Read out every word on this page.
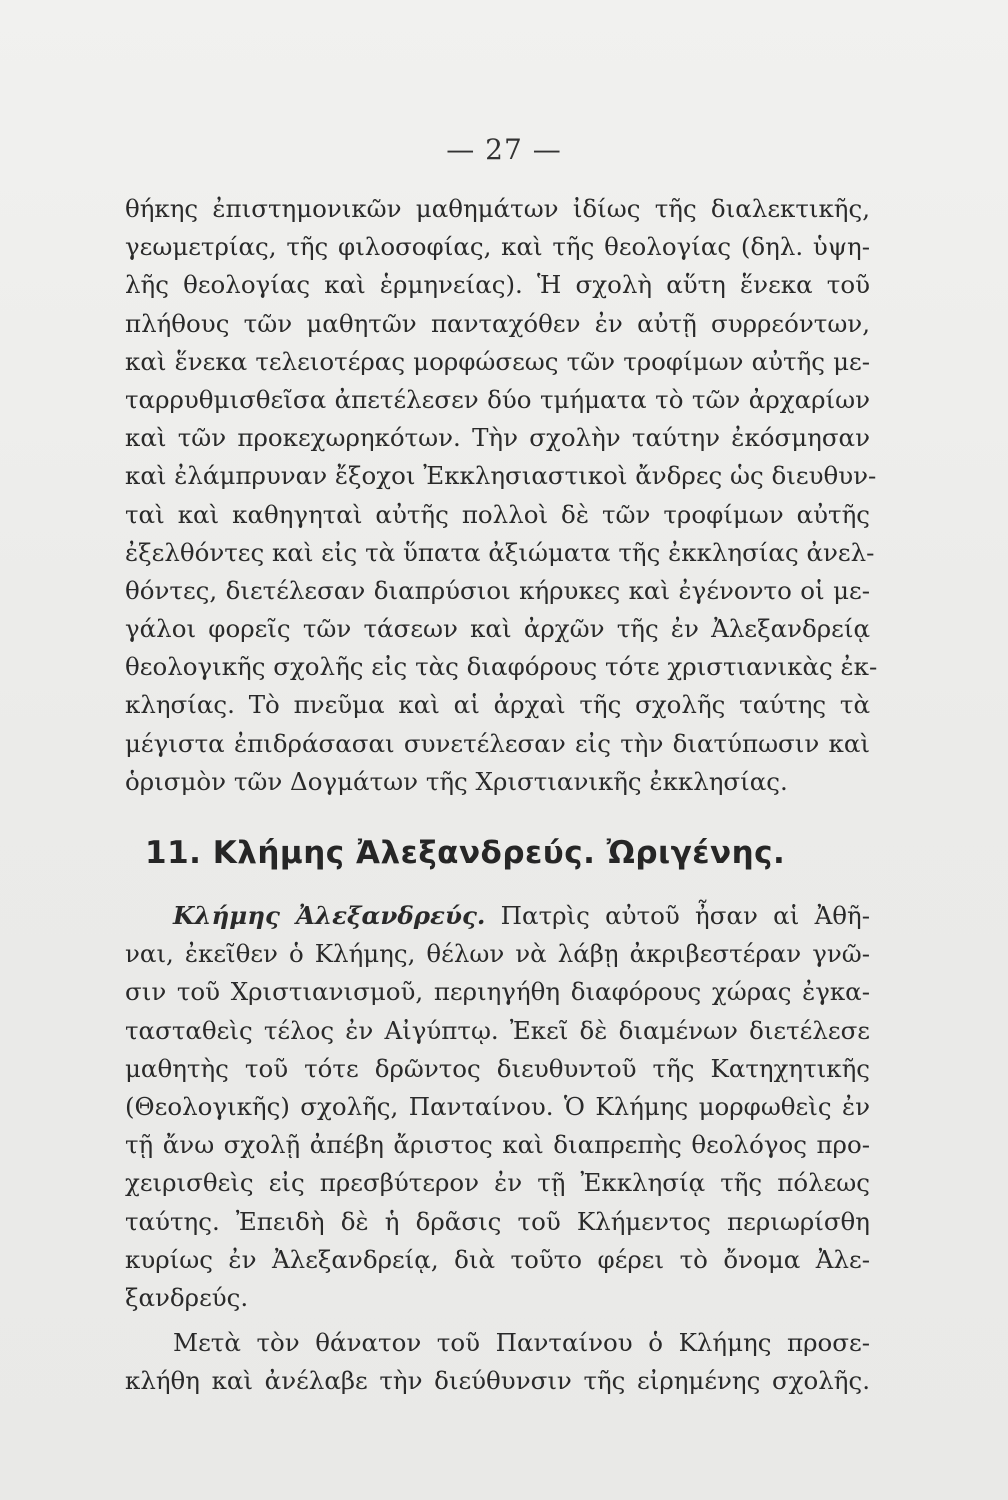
— 27 —
θήκης ἐπιστημονικῶν μαθημάτων ἰδίως τῆς διαλεκτικῆς,
γεωμετρίας, τῆς φιλοσοφίας, καὶ τῆς θεολογίας (δηλ. ὑψη-
λῆς θεολογίας καὶ ἑρμηνείας). Ἡ σχολὴ αὕτη ἕνεκα τοῦ
πλήθους τῶν μαθητῶν πανταχόθεν ἐν αὐτῇ συρρεόντων,
καὶ ἕνεκα τελειοτέρας μορφώσεως τῶν τροφίμων αὐτῆς με-
ταρρυθμισθεῖσα ἀπετέλεσεν δύο τμήματα τὸ τῶν ἀρχαρίων
καὶ τῶν προκεχωρηκότων. Τὴν σχολὴν ταύτην ἐκόσμησαν
καὶ ἐλάμπρυναν ἔξοχοι Ἐκκλησιαστικοὶ ἄνδρες ὡς διευθυν-
ταὶ καὶ καθηγηταὶ αὐτῆς πολλοὶ δὲ τῶν τροφίμων αὐτῆς
ἐξελθόντες καὶ εἰς τὰ ὕπατα ἀξιώματα τῆς ἐκκλησίας ἀνελ-
θόντες, διετέλεσαν διαπρύσιοι κήρυκες καὶ ἐγένοντο οἱ με-
γάλοι φορεῖς τῶν τάσεων καὶ ἀρχῶν τῆς ἐν Ἀλεξανδρείᾳ
θεολογικῆς σχολῆς εἰς τὰς διαφόρους τότε χριστιανικὰς ἐκ-
κλησίας. Τὸ πνεῦμα καὶ αἱ ἀρχαὶ τῆς σχολῆς ταύτης τὰ
μέγιστα ἐπιδράσασαι συνετέλεσαν εἰς τὴν διατύπωσιν καὶ
ὁρισμὸν τῶν Δογμάτων τῆς Χριστιανικῆς ἐκκλησίας.
11. Κλήμης Ἀλεξανδρεύς. Ὠριγένης.
Κλήμης Ἀλεξανδρεύς. Πατρὶς αὐτοῦ ἦσαν αἱ Ἀθῆ-
ναι, ἐκεῖθεν ὁ Κλήμης, θέλων νὰ λάβῃ ἀκριβεστέραν γνῶ-
σιν τοῦ Χριστιανισμοῦ, περιηγήθη διαφόρους χώρας ἐγκα-
τασταθεὶς τέλος ἐν Αἰγύπτῳ. Ἐκεῖ δὲ διαμένων διετέλεσε
μαθητὴς τοῦ τότε δρῶντος διευθυντοῦ τῆς Κατηχητικῆς
(Θεολογικῆς) σχολῆς, Πανταίνου. Ὁ Κλήμης μορφωθεὶς ἐν
τῇ ἄνω σχολῇ ἀπέβη ἄριστος καὶ διαπρεπὴς θεολόγος προ-
χειρισθεὶς εἰς πρεσβύτερον ἐν τῇ Ἐκκλησίᾳ τῆς πόλεως
ταύτης. Ἐπειδὴ δὲ ἡ δρᾶσις τοῦ Κλήμεντος περιωρίσθη
κυρίως ἐν Ἀλεξανδρείᾳ, διὰ τοῦτο φέρει τὸ ὄνομα Ἀλε-
ξανδρεύς.
Μετὰ τὸν θάνατον τοῦ Πανταίνου ὁ Κλήμης προσε-
κλήθη καὶ ἀνέλαβε τὴν διεύθυνσιν τῆς εἰρημένης σχολῆς.
